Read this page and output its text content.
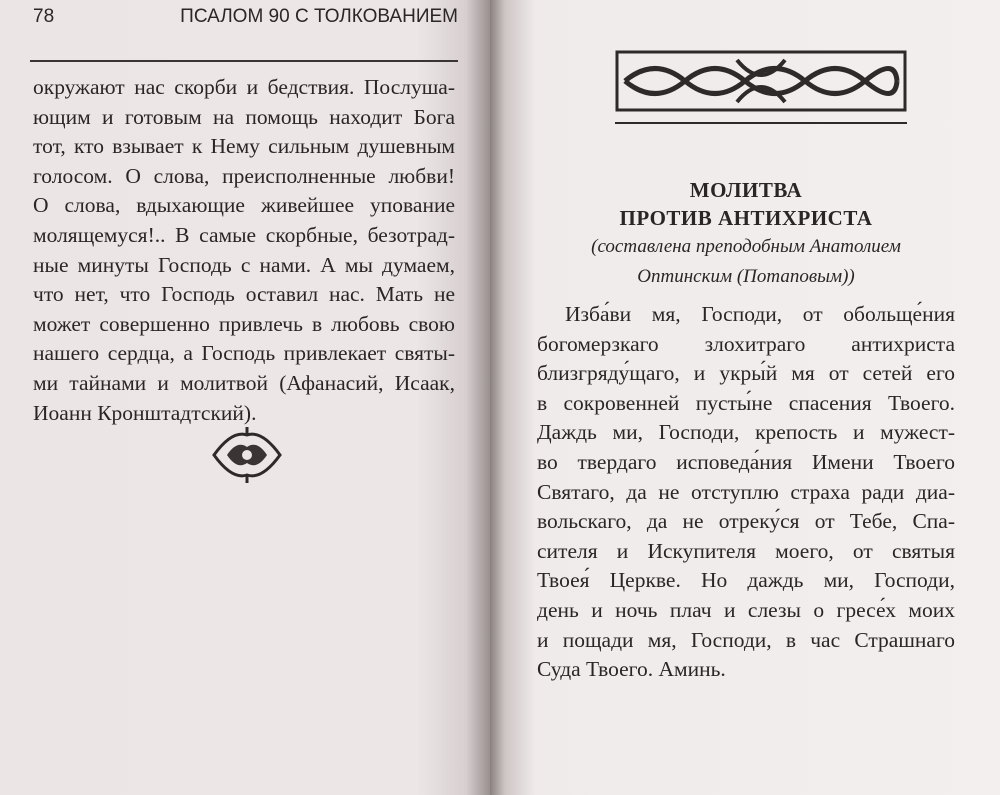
78	ПСАЛОМ 90 С ТОЛКОВАНИЕМ
окружают нас скорби и бедствия. Послуша-
ющим и готовым на помощь находит Бога
тот, кто взывает к Нему сильным душевным
голосом. О слова, преисполненные любви!
О слова, вдыхающие живейшее упование
молящемуся!.. В самые скорбные, безотрад-
ные минуты Господь с нами. А мы думаем,
что нет, что Господь оставил нас. Мать не
может совершенно привлечь в любовь свою
нашего сердца, а Господь привлекает святы-
ми тайнами и молитвой (Афанасий, Исаак,
Иоанн Кронштадтский).
МОЛИТВА
ПРОТИВ АНТИХРИСТА
(составлена преподобным Анатолием
Оптинским (Потаповым))
Изба́ви мя, Господи, от обольще́ния
богомерзкаго злохитраго антихриста
близгряду́щаго, и укры́й мя от сетей его
в сокровенней пусты́не спасения Твоего.
Даждь ми, Господи, крепость и мужест-
во твердаго исповеда́ния Имени Твоего
Святаго, да не отступлю страха ради диа-
вольскаго, да не отреку́ся от Тебе, Спа-
сителя и Искупителя моего, от святыя
Твоея́ Церкве. Но даждь ми, Господи,
день и ночь плач и слезы о гресе́х моих
и пощади мя, Господи, в час Страшнаго
Суда Твоего. Аминь.
